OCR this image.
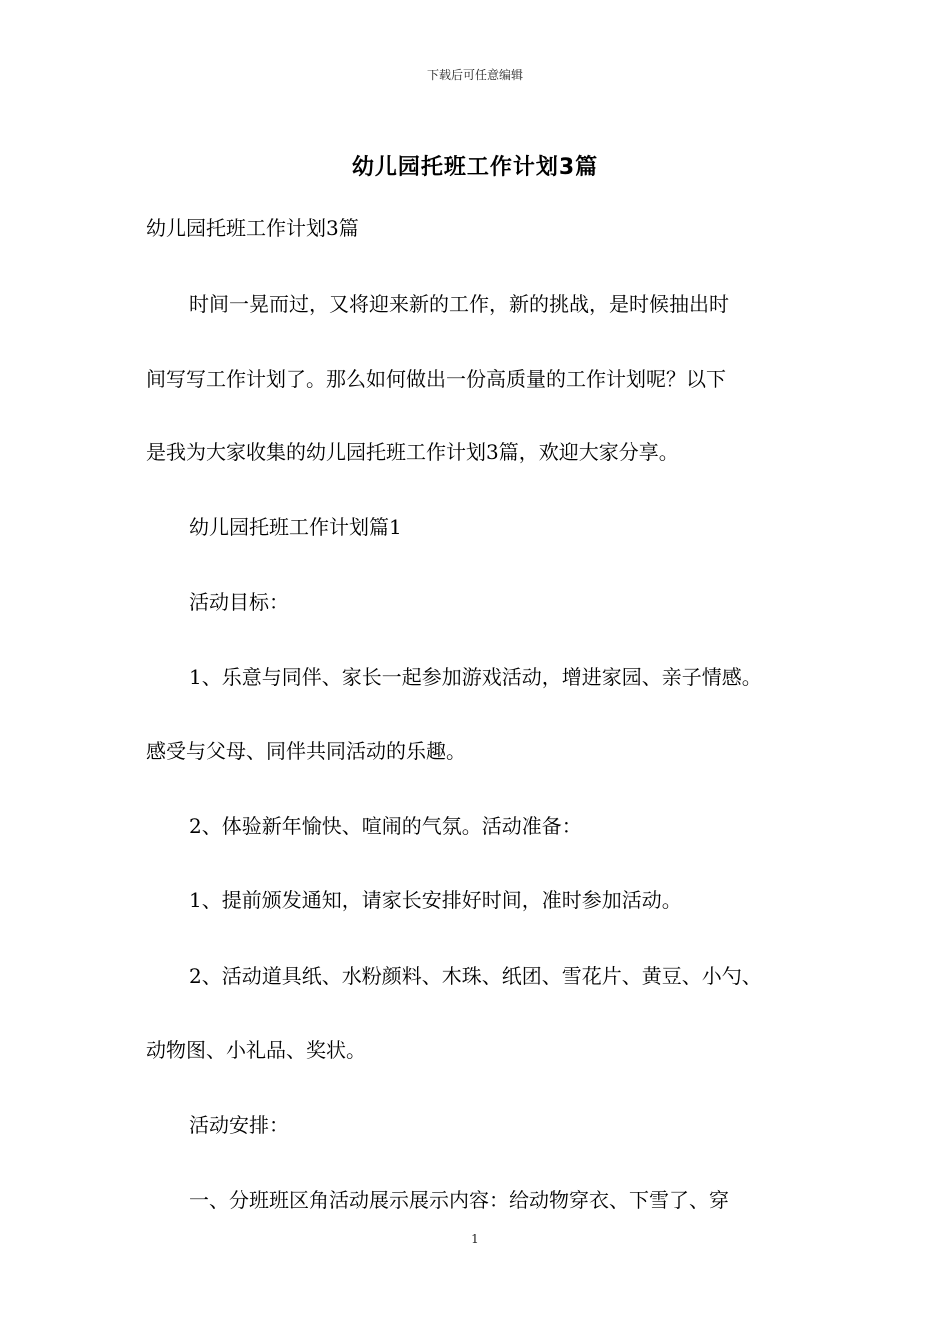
下载后可任意编辑
幼儿园托班工作计划3篇
幼儿园托班工作计划3篇
时间一晃而过，又将迎来新的工作，新的挑战，是时候抽出时
间写写工作计划了。那么如何做出一份高质量的工作计划呢？以下
是我为大家收集的幼儿园托班工作计划3篇，欢迎大家分享。
幼儿园托班工作计划篇1
活动目标：
1、乐意与同伴、家长一起参加游戏活动，增进家园、亲子情感。
感受与父母、同伴共同活动的乐趣。
2、体验新年愉快、喧闹的气氛。活动准备：
1、提前颁发通知，请家长安排好时间，准时参加活动。
2、活动道具纸、水粉颜料、木珠、纸团、雪花片、黄豆、小勺、
动物图、小礼品、奖状。
活动安排：
一、分班班区角活动展示展示内容：给动物穿衣、下雪了、穿
1
